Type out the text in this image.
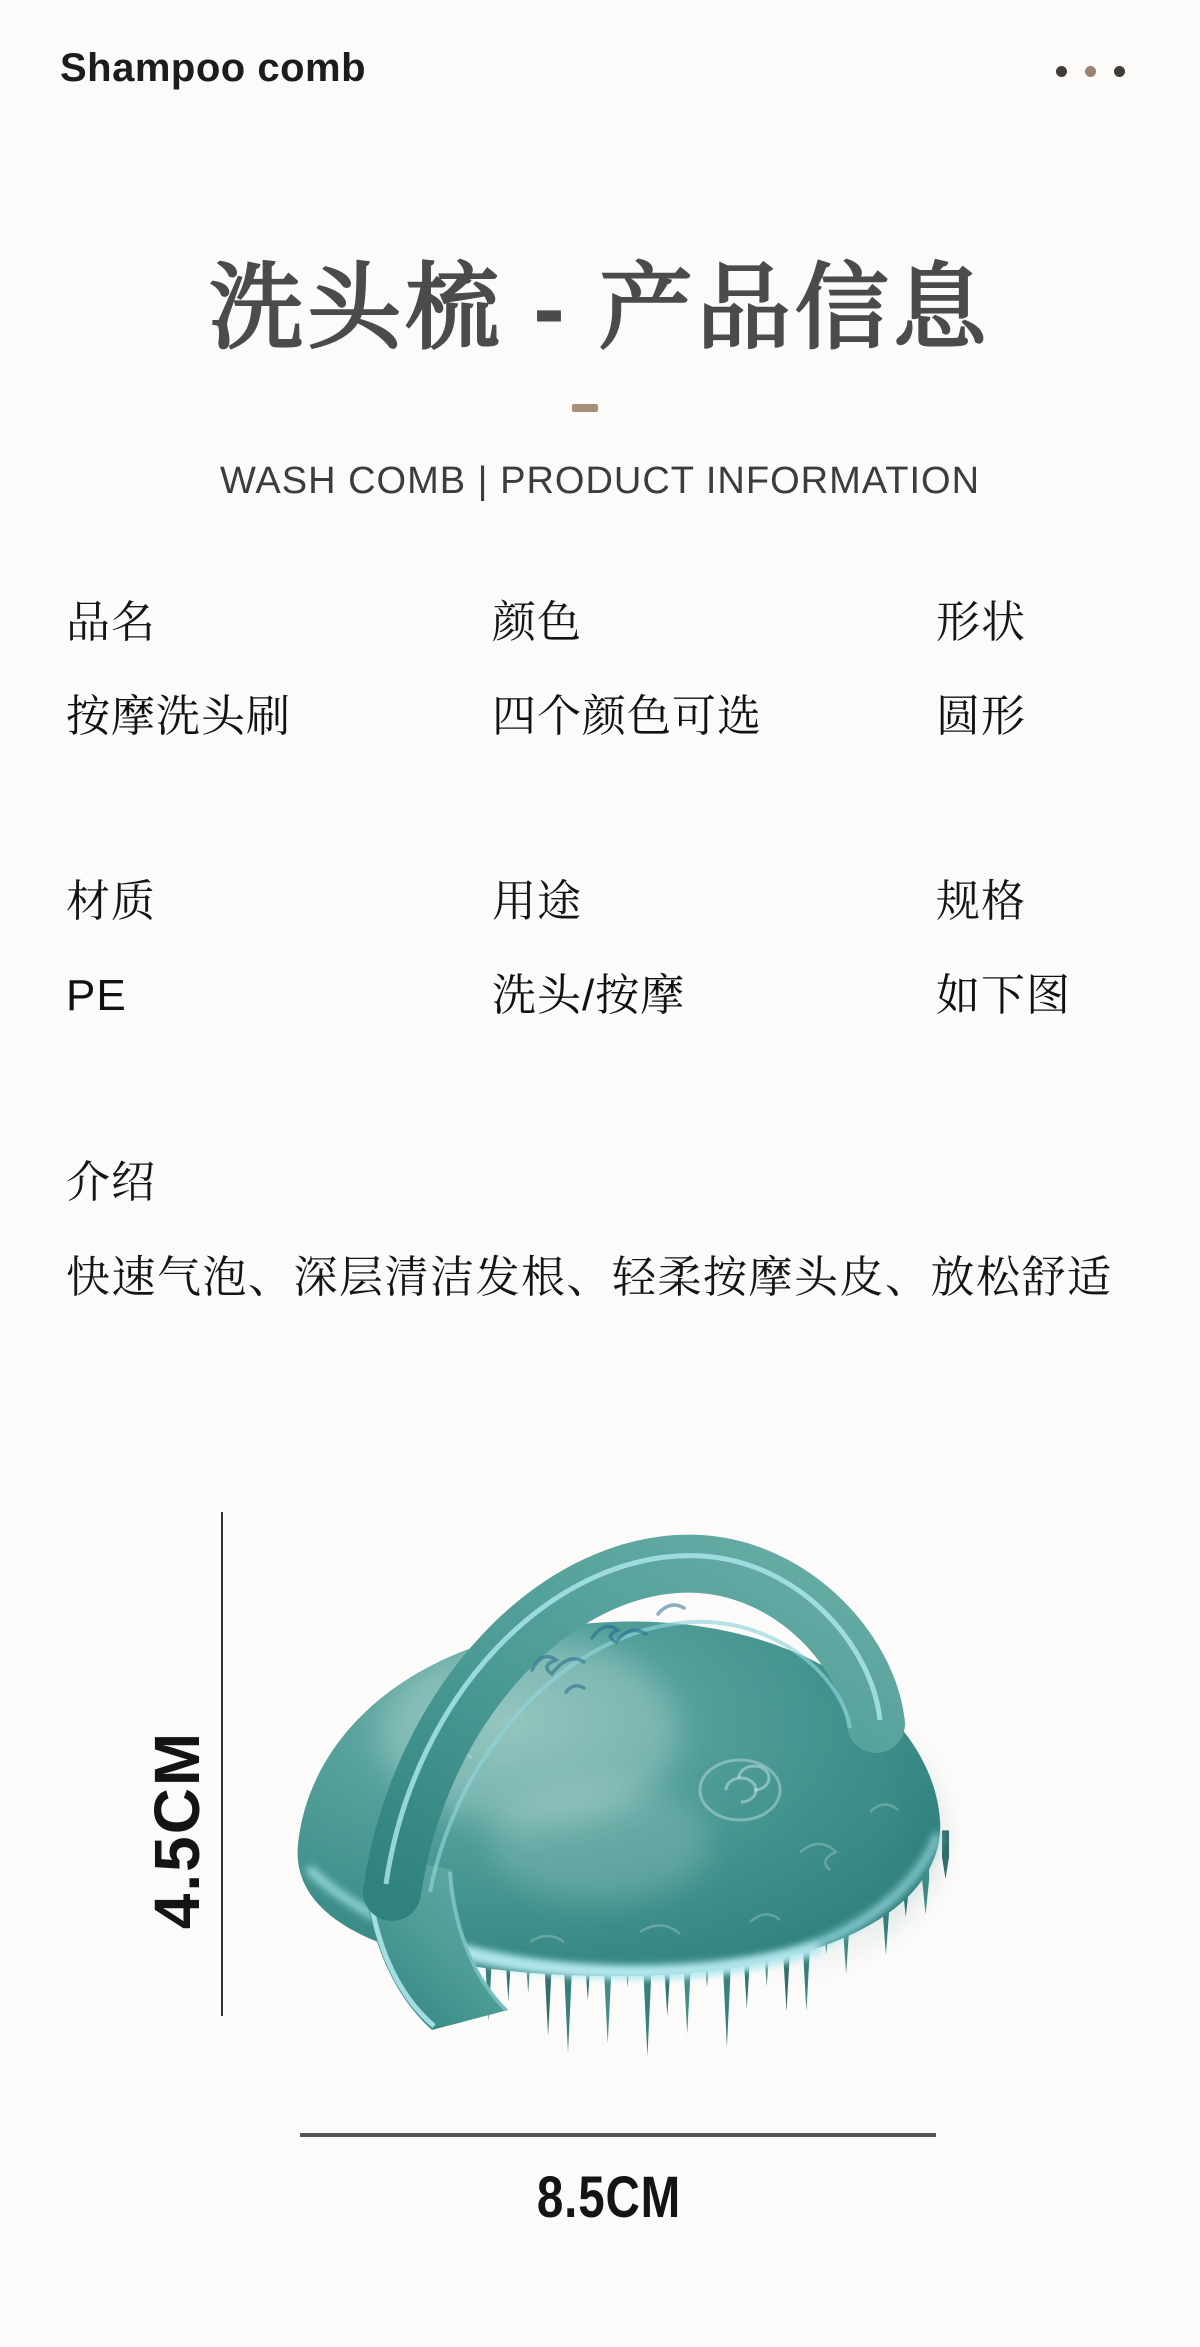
Shampoo comb
洗头梳 - 产品信息
WASH COMB | PRODUCT INFORMATION
品名
按摩洗头刷
颜色
四个颜色可选
形状
圆形
材质
PE
用途
洗头/按摩
规格
如下图
介绍
快速气泡、深层清洁发根、轻柔按摩头皮、放松舒适
4.5CM
8.5CM
